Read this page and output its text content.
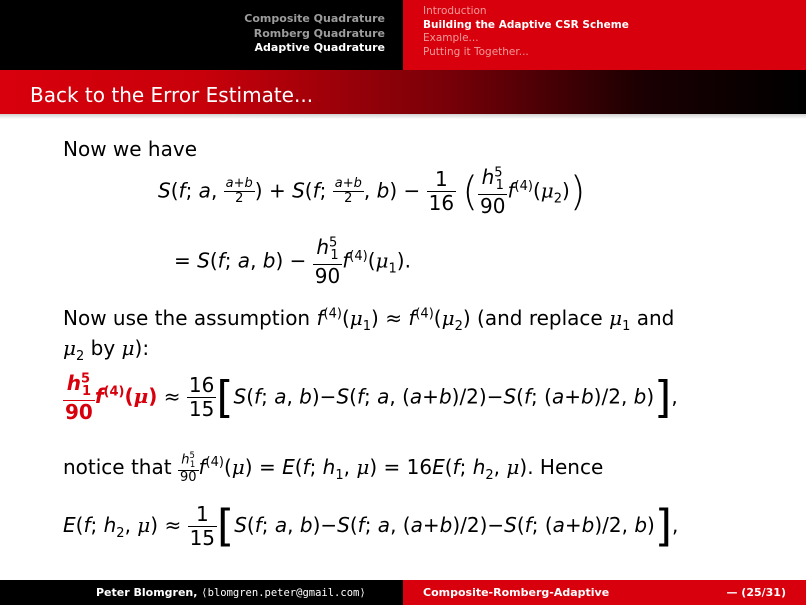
Composite Quadrature
Romberg Quadrature
Adaptive Quadrature
Introduction
Building the Adaptive CSR Scheme
Example...
Putting it Together...
Back to the Error Estimate...
Now we have
S(f; a, $\frac{a+b}{2}$ ) + S(f; $\frac{a+b}{2}$ , $b) - \frac{1}{16}$ ( $\frac{h^5_1}{90} f^{(4)}(\mu_2)$)
= S(f; a, $b) - \frac{h^5_1}{90} f^{(4)}(\mu_1)$.
Now use the assumption $f^{(4)}(\mu_1) \approx f^{(4)}(\mu_2)$ (and replace $\mu_1$ and
$\mu_2$ by μ):
$\frac{h^5_1}{90} f^{(4)}(\mu) \approx \frac{16}{15} [S(f$; a, b)−S(f; a, (a+b)/2)−S(f; (a+b)/2, b)],
notice that $\frac{h^5_1}{90} f^{(4)}(\mu) = E(f$; $h_1$, μ) = 16E(f; $h_2$, μ). Hence
E(f; $h_2$, $\mu) \approx \frac{1}{15} [S(f$; a, b)−S(f; a, (a+b)/2)−S(f; (a+b)/2, b)],
Peter Blomgren, ⟨blomgren.peter@gmail.com⟩	Composite-Romberg-Adaptive	— (25/31)
